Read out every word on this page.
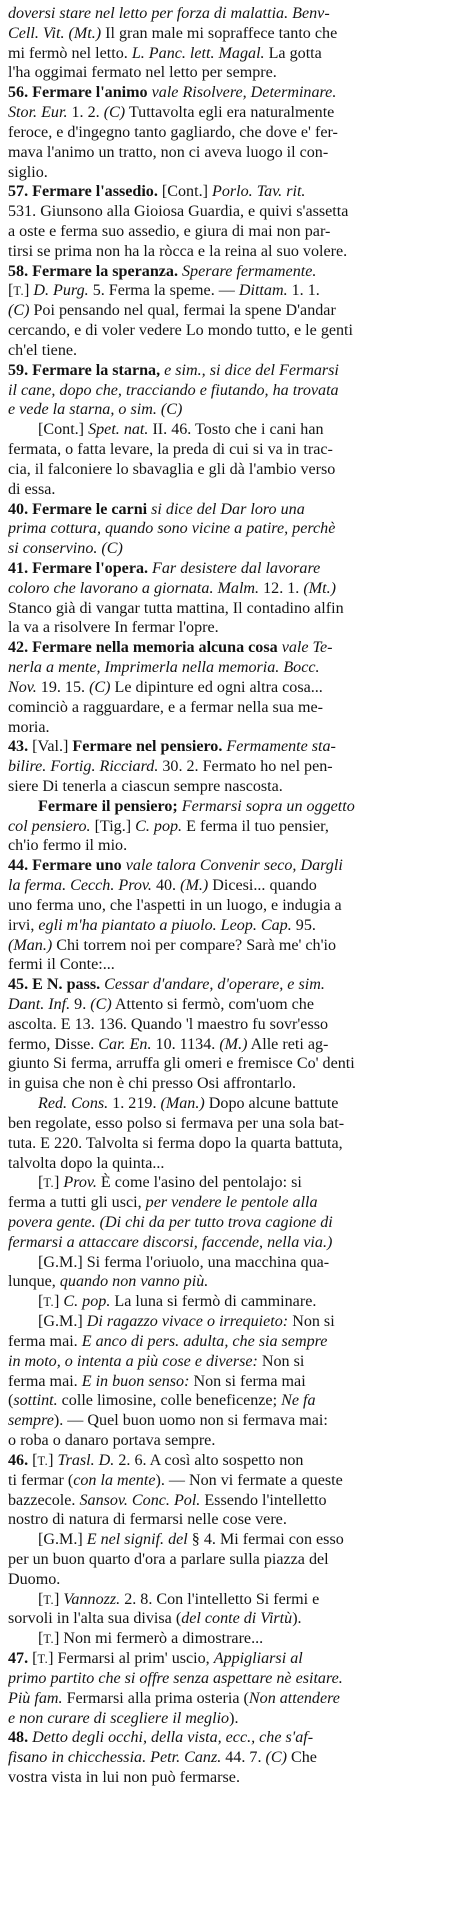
doversi stare nel letto per forza di malattia. Benv-
Cell. Vit. (Mt.) Il gran male mi sopraffece tanto che
mi fermò nel letto. L. Panc. lett. Magal. La gotta
l'ha oggimai fermato nel letto per sempre.
56. Fermare l'animo vale Risolvere, Determinare.
Stor. Eur. 1. 2. (C) Tuttavolta egli era naturalmente
feroce, e d'ingegno tanto gagliardo, che dove e' fer-
mava l'animo un tratto, non ci aveva luogo il con-
siglio.
57. Fermare l'assedio. [Cont.] Porlo. Tav. rit.
531. Giunsono alla Gioiosa Guardia, e quivi s'assetta
a oste e ferma suo assedio, e giura di mai non par-
tirsi se prima non ha la ròcca e la reina al suo volere.
58. Fermare la speranza. Sperare fermamente.
[T.] D. Purg. 5. Ferma la speme. — Dittam. 1. 1.
(C) Poi pensando nel qual, fermai la spene D'andar
cercando, e di voler vedere Lo mondo tutto, e le genti
ch'el tiene.
59. Fermare la starna, e sim., si dice del Fermarsi
il cane, dopo che, tracciando e fiutando, ha trovata
e vede la starna, o sim. (C)
[Cont.] Spet. nat. II. 46. Tosto che i cani han
fermata, o fatta levare, la preda di cui si va in trac-
cia, il falconiere lo sbavaglia e gli dà l'ambio verso
di essa.
40. Fermare le carni si dice del Dar loro una
prima cottura, quando sono vicine a patire, perchè
si conservino. (C)
41. Fermare l'opera. Far desistere dal lavorare
coloro che lavorano a giornata. Malm. 12. 1. (Mt.)
Stanco già di vangar tutta mattina, Il contadino alfin
la va a risolvere In fermar l'opre.
42. Fermare nella memoria alcuna cosa vale Te-
nerla a mente, Imprimerla nella memoria. Bocc.
Nov. 19. 15. (C) Le dipinture ed ogni altra cosa...
cominciò a ragguardare, e a fermar nella sua me-
moria.
43. [Val.] Fermare nel pensiero. Fermamente sta-
bilire. Fortig. Ricciard. 30. 2. Fermato ho nel pen-
siere Di tenerla a ciascun sempre nascosta.
Fermare il pensiero; Fermarsi sopra un oggetto
col pensiero. [Tig.] C. pop. E ferma il tuo pensier,
ch'io fermo il mio.
44. Fermare uno vale talora Convenir seco, Dargli
la ferma. Cecch. Prov. 40. (M.) Dicesi... quando
uno ferma uno, che l'aspetti in un luogo, e indugia a
irvi, egli m'ha piantato a piuolo. Leop. Cap. 95.
(Man.) Chi torrem noi per compare? Sarà me' ch'io
fermi il Conte:...
45. E N. pass. Cessar d'andare, d'operare, e sim.
Dant. Inf. 9. (C) Attento si fermò, com'uom che
ascolta. E 13. 136. Quando 'l maestro fu sovr'esso
fermo, Disse. Car. En. 10. 1134. (M.) Alle reti ag-
giunto Si ferma, arruffa gli omeri e fremisce Co' denti
in guisa che non è chi presso Osi affrontarlo.
Red. Cons. 1. 219. (Man.) Dopo alcune battute
ben regolate, esso polso si fermava per una sola bat-
tuta. E 220. Talvolta si ferma dopo la quarta battuta,
talvolta dopo la quinta...
[T.] Prov. È come l'asino del pentolajo: si
ferma a tutti gli usci, per vendere le pentole alla
povera gente. (Di chi da per tutto trova cagione di
fermarsi a attaccare discorsi, faccende, nella via.)
[G.M.] Si ferma l'oriuolo, una macchina qua-
lunque, quando non vanno più.
[T.] C. pop. La luna si fermò di camminare.
[G.M.] Di ragazzo vivace o irrequieto: Non si
ferma mai. E anco di pers. adulta, che sia sempre
in moto, o intenta a più cose e diverse: Non si
ferma mai. E in buon senso: Non si ferma mai
(sottint. colle limosine, colle beneficenze; Ne fa
sempre). — Quel buon uomo non si fermava mai:
o roba o danaro portava sempre.
46. [T.] Trasl. D. 2. 6. A così alto sospetto non
ti fermar (con la mente). — Non vi fermate a queste
bazzecole. Sansov. Conc. Pol. Essendo l'intelletto
nostro di natura di fermarsi nelle cose vere.
[G.M.] E nel signif. del § 4. Mi fermai con esso
per un buon quarto d'ora a parlare sulla piazza del
Duomo.
[T.] Vannozz. 2. 8. Con l'intelletto Si fermi e
sorvoli in l'alta sua divisa (del conte di Virtù).
[T.] Non mi fermerò a dimostrare...
47. [T.] Fermarsi al prim' uscio, Appigliarsi al
primo partito che si offre senza aspettare nè esitare.
Più fam. Fermarsi alla prima osteria (Non attendere
e non curare di sceglierе il meglio).
48. Detto degli occhi, della vista, ecc., che s'af-
fisano in chicchessia. Petr. Canz. 44. 7. (C) Che
vostra vista in lui non può fermarse.
